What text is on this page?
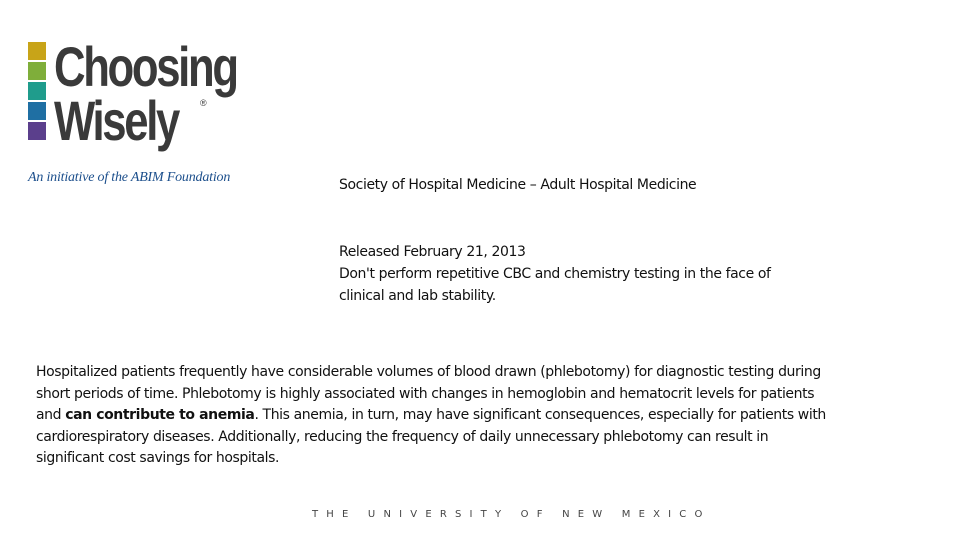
Choosing
Wisely ®
An initiative of the ABIM Foundation	Society of Hospital Medicine – Adult Hospital Medicine
Released February 21, 2013
Don't perform repetitive CBC and chemistry testing in the face of
clinical and lab stability.
Hospitalized patients frequently have considerable volumes of blood drawn (phlebotomy) for diagnostic testing during
short periods of time. Phlebotomy is highly associated with changes in hemoglobin and hematocrit levels for patients
and can contribute to anemia. This anemia, in turn, may have significant consequences, especially for patients with
cardiorespiratory diseases. Additionally, reducing the frequency of daily unnecessary phlebotomy can result in
significant cost savings for hospitals.
THE UNIVERSITY OF NEW MEXICO
